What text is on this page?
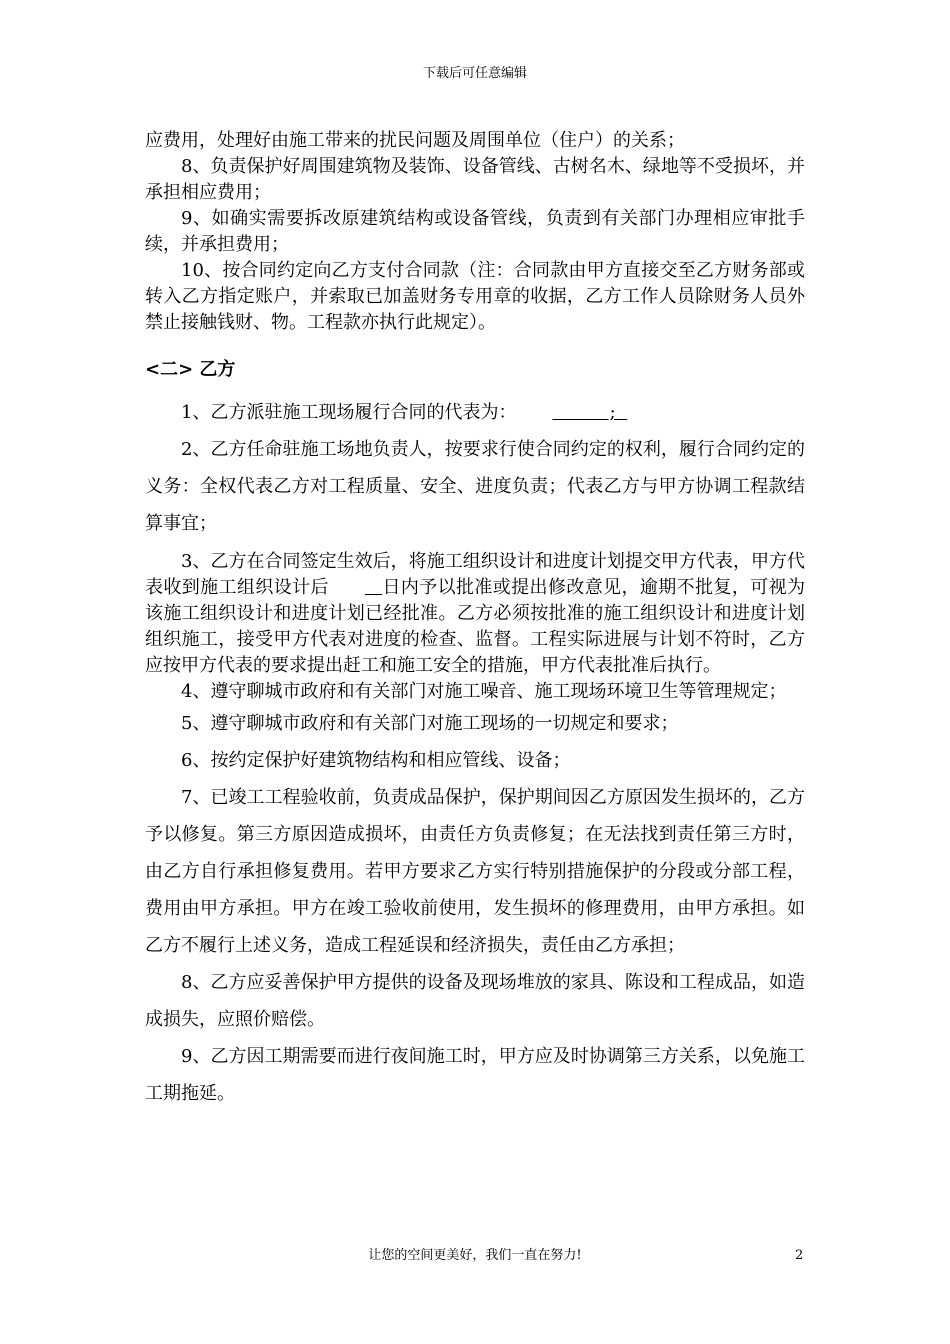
下载后可任意编辑

应费用，处理好由施工带来的扰民问题及周围单位（住户）的关系；

8、负责保护好周围建筑物及装饰、设备管线、古树名木、绿地等不受损坏，并承担相应费用；

9、如确实需要拆改原建筑结构或设备管线，负责到有关部门办理相应审批手续，并承担费用；

10、按合同约定向乙方支付合同款（注：合同款由甲方直接交至乙方财务部或转入乙方指定账户，并索取已加盖财务专用章的收据，乙方工作人员除财务人员外禁止接触钱财、物。工程款亦执行此规定）。

<二> 乙方

1、乙方派驻施工现场履行合同的代表为：          ;

2、乙方任命驻施工场地负责人，按要求行使合同约定的权利，履行合同约定的义务：全权代表乙方对工程质量、安全、进度负责；代表乙方与甲方协调工程款结算事宜；

3、乙方在合同签定生效后，将施工组织设计和进度计划提交甲方代表，甲方代表收到施工组织设计后	日内予以批准或提出修改意见，逾期不批复，可视为该施工组织设计和进度计划已经批准。乙方必须按批准的施工组织设计和进度计划组织施工，接受甲方代表对进度的检查、监督。工程实际进展与计划不符时，乙方应按甲方代表的要求提出赶工和施工安全的措施，甲方代表批准后执行。

4、遵守聊城市政府和有关部门对施工噪音、施工现场环境卫生等管理规定；

5、遵守聊城市政府和有关部门对施工现场的一切规定和要求；

6、按约定保护好建筑物结构和相应管线、设备；

7、已竣工工程验收前，负责成品保护，保护期间因乙方原因发生损坏的，乙方予以修复。第三方原因造成损坏，由责任方负责修复；在无法找到责任第三方时，由乙方自行承担修复费用。若甲方要求乙方实行特别措施保护的分段或分部工程，费用由甲方承担。甲方在竣工验收前使用，发生损坏的修理费用，由甲方承担。如乙方不履行上述义务，造成工程延误和经济损失，责任由乙方承担；

8、乙方应妥善保护甲方提供的设备及现场堆放的家具、陈设和工程成品，如造成损失，应照价赔偿。

9、乙方因工期需要而进行夜间施工时，甲方应及时协调第三方关系，以免施工工期拖延。

让您的空间更美好，我们一直在努力!	2
